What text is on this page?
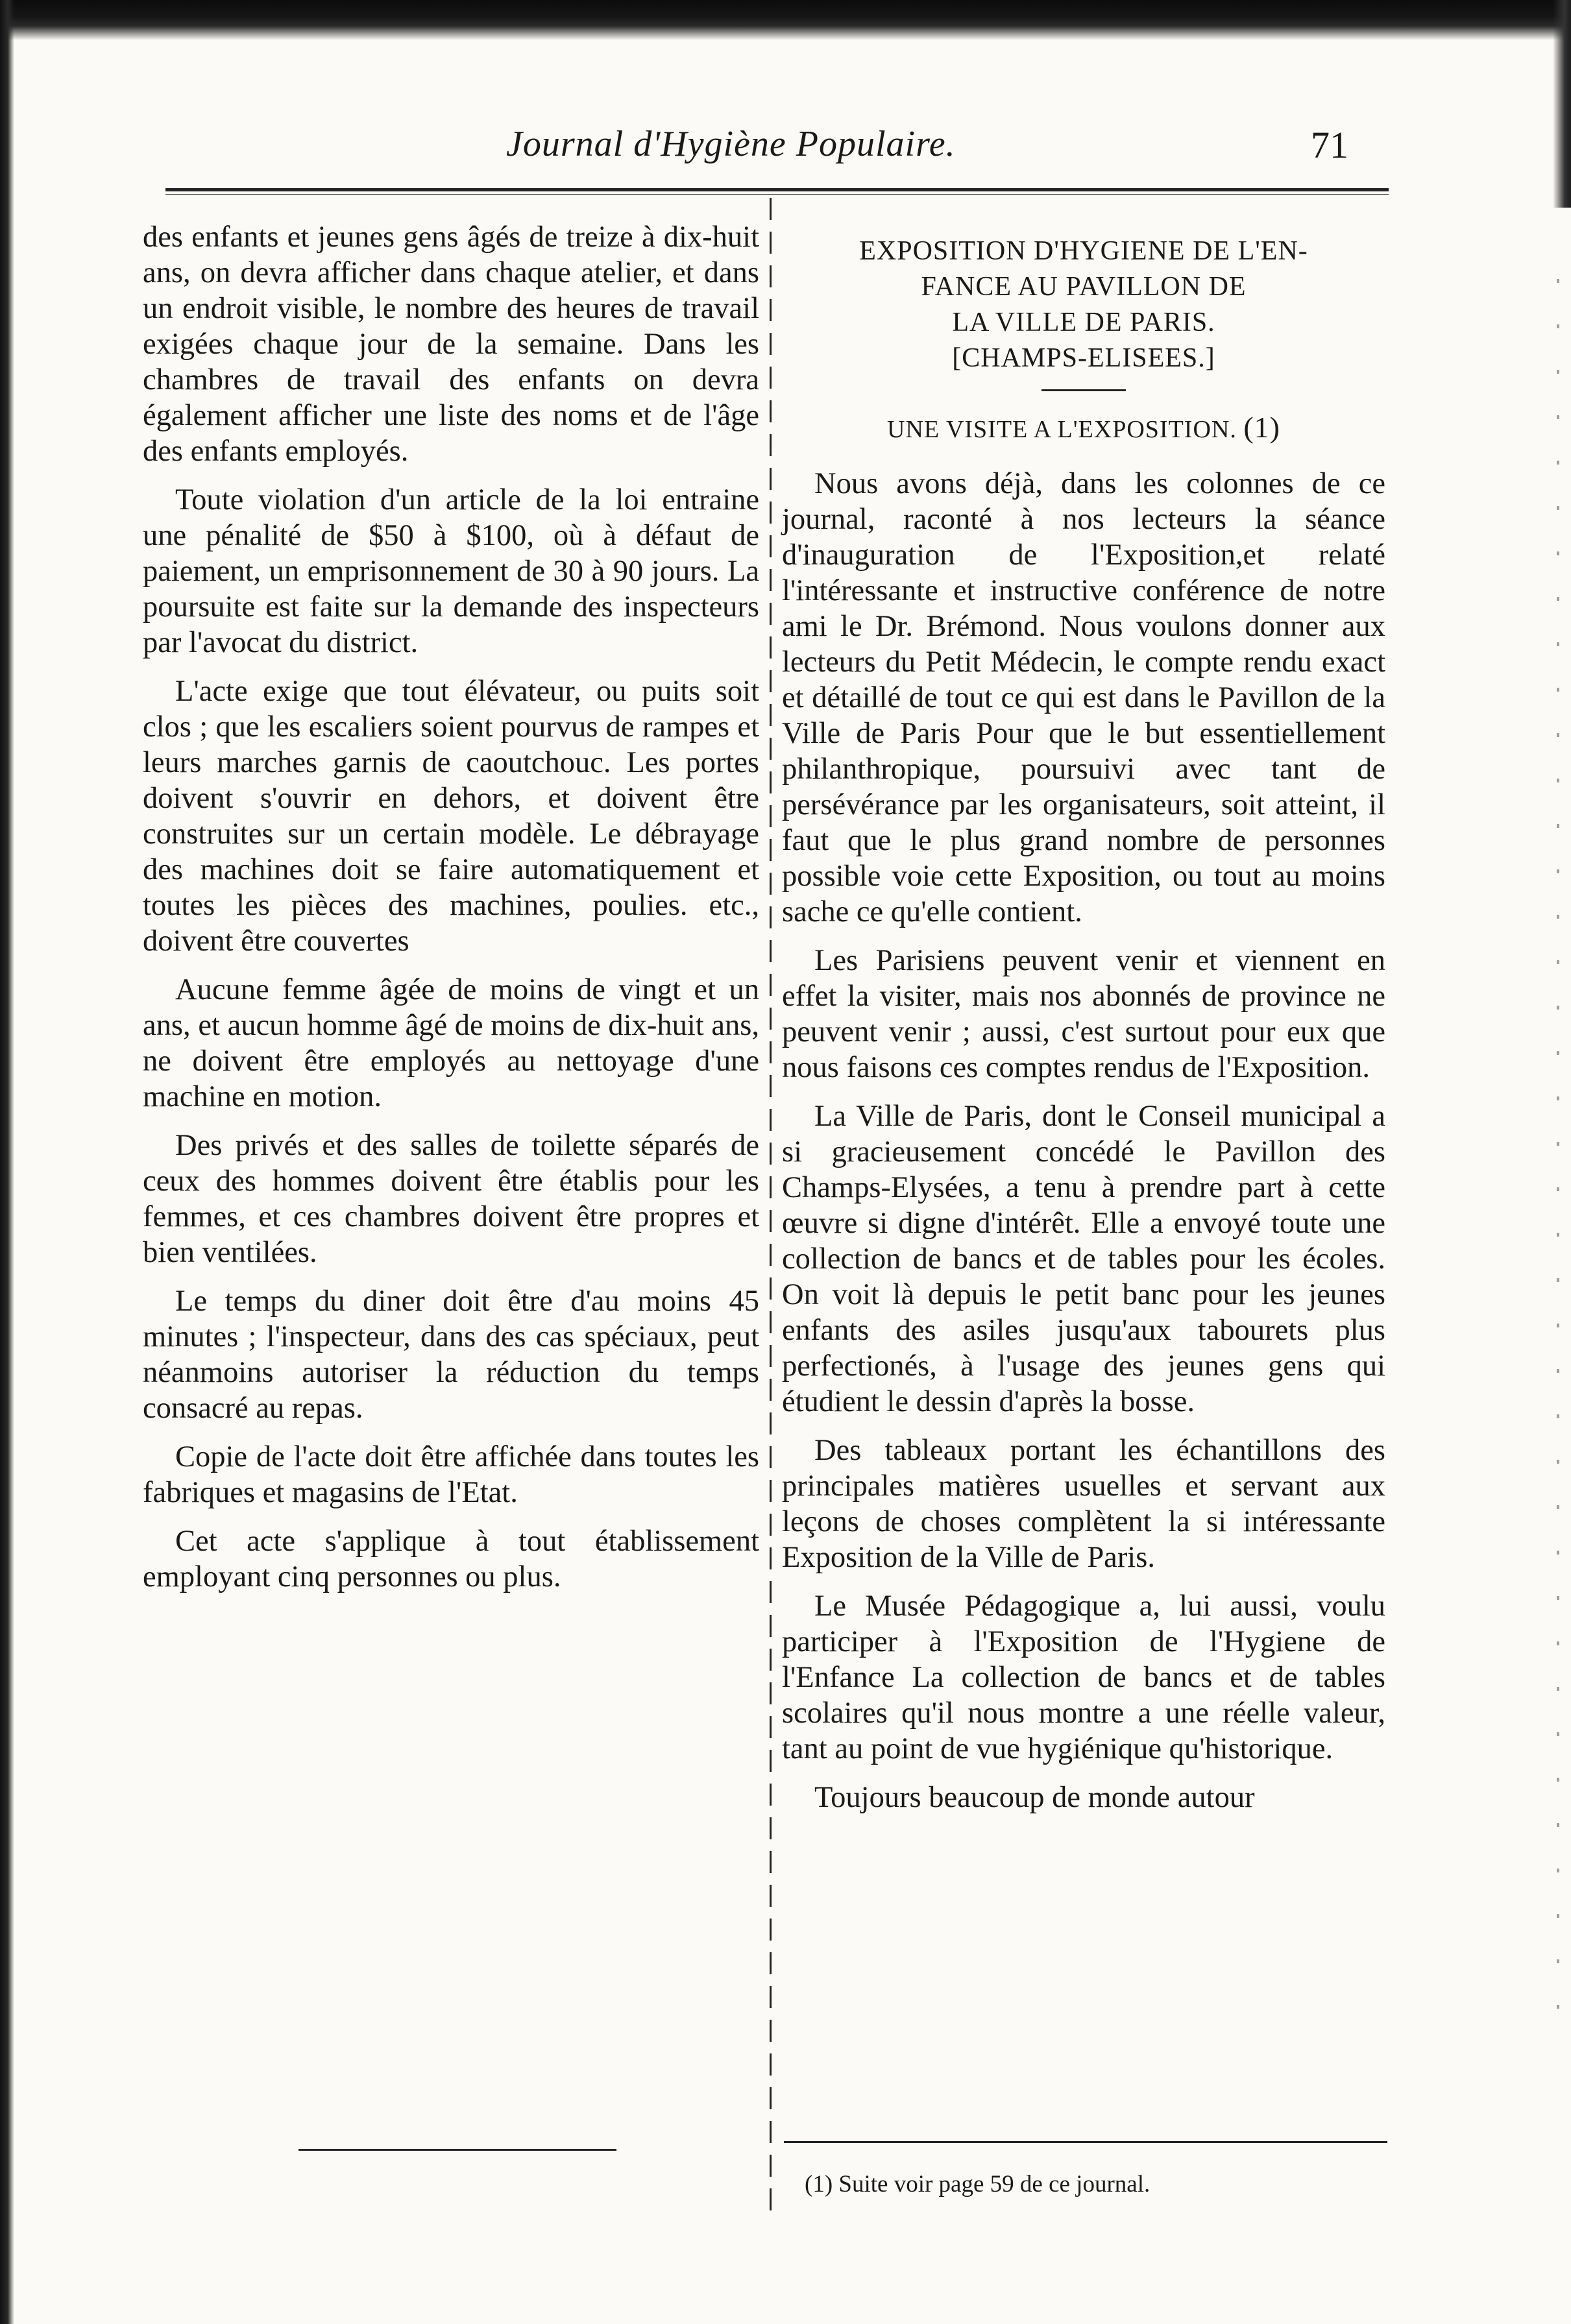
Journal d'Hygiène Populaire.	71

des enfants et jeunes gens âgés de treize à dix-huit ans, on devra afficher dans chaque atelier, et dans un endroit visible, le nombre des heures de travail exigées chaque jour de la semaine. Dans les chambres de travail des enfants on devra également afficher une liste des noms et de l'âge des enfants employés.

Toute violation d'un article de la loi entraine une pénalité de $50 à $100, où à défaut de paiement, un emprisonnement de 30 à 90 jours. La poursuite est faite sur la demande des inspecteurs par l'avocat du district.

L'acte exige que tout élévateur, ou puits soit clos ; que les escaliers soient pourvus de rampes et leurs marches garnis de caoutchouc. Les portes doivent s'ouvrir en dehors, et doivent être construites sur un certain modèle. Le débrayage des machines doit se faire automatiquement et toutes les pièces des machines, poulies. etc., doivent être couvertes

Aucune femme âgée de moins de vingt et un ans, et aucun homme âgé de moins de dix-huit ans, ne doivent être employés au nettoyage d'une machine en motion.

Des privés et des salles de toilette séparés de ceux des hommes doivent être établis pour les femmes, et ces chambres doivent être propres et bien ventilées.

Le temps du diner doit être d'au moins 45 minutes ; l'inspecteur, dans des cas spéciaux, peut néanmoins autoriser la réduction du temps consacré au repas.

Copie de l'acte doit être affichée dans toutes les fabriques et magasins de l'Etat.

Cet acte s'applique à tout établissement employant cinq personnes ou plus.

EXPOSITION D'HYGIENE DE L'EN-
FANCE AU PAVILLON DE
LA VILLE DE PARIS.
[CHAMPS-ELISEES.]
UNE VISITE A L'EXPOSITION. (1)

Nous avons déjà, dans les colonnes de ce journal, raconté à nos lecteurs la séance d'inauguration de l'Exposition,et relaté l'intéressante et instructive conférence de notre ami le Dr. Brémond. Nous voulons donner aux lecteurs du Petit Médecin, le compte rendu exact et détaillé de tout ce qui est dans le Pavillon de la Ville de Paris Pour que le but essentiellement philanthropique, poursuivi avec tant de persévérance par les organisateurs, soit atteint, il faut que le plus grand nombre de personnes possible voie cette Exposition, ou tout au moins sache ce qu'elle contient.

Les Parisiens peuvent venir et viennent en effet la visiter, mais nos abonnés de province ne peuvent venir ; aussi, c'est surtout pour eux que nous faisons ces comptes rendus de l'Exposition.

La Ville de Paris, dont le Conseil municipal a si gracieusement concédé le Pavillon des Champs-Elysées, a tenu à prendre part à cette œuvre si digne d'intérêt. Elle a envoyé toute une collection de bancs et de tables pour les écoles. On voit là depuis le petit banc pour les jeunes enfants des asiles jusqu'aux tabourets plus perfectionés, à l'usage des jeunes gens qui étudient le dessin d'après la bosse.

Des tableaux portant les échantillons des principales matières usuelles et servant aux leçons de choses complètent la si intéressante Exposition de la Ville de Paris.

Le Musée Pédagogique a, lui aussi, voulu participer à l'Exposition de l'Hygiene de l'Enfance La collection de bancs et de tables scolaires qu'il nous montre a une réelle valeur, tant au point de vue hygiénique qu'historique.

Toujours beaucoup de monde autour

(1) Suite voir page 59 de ce journal.
